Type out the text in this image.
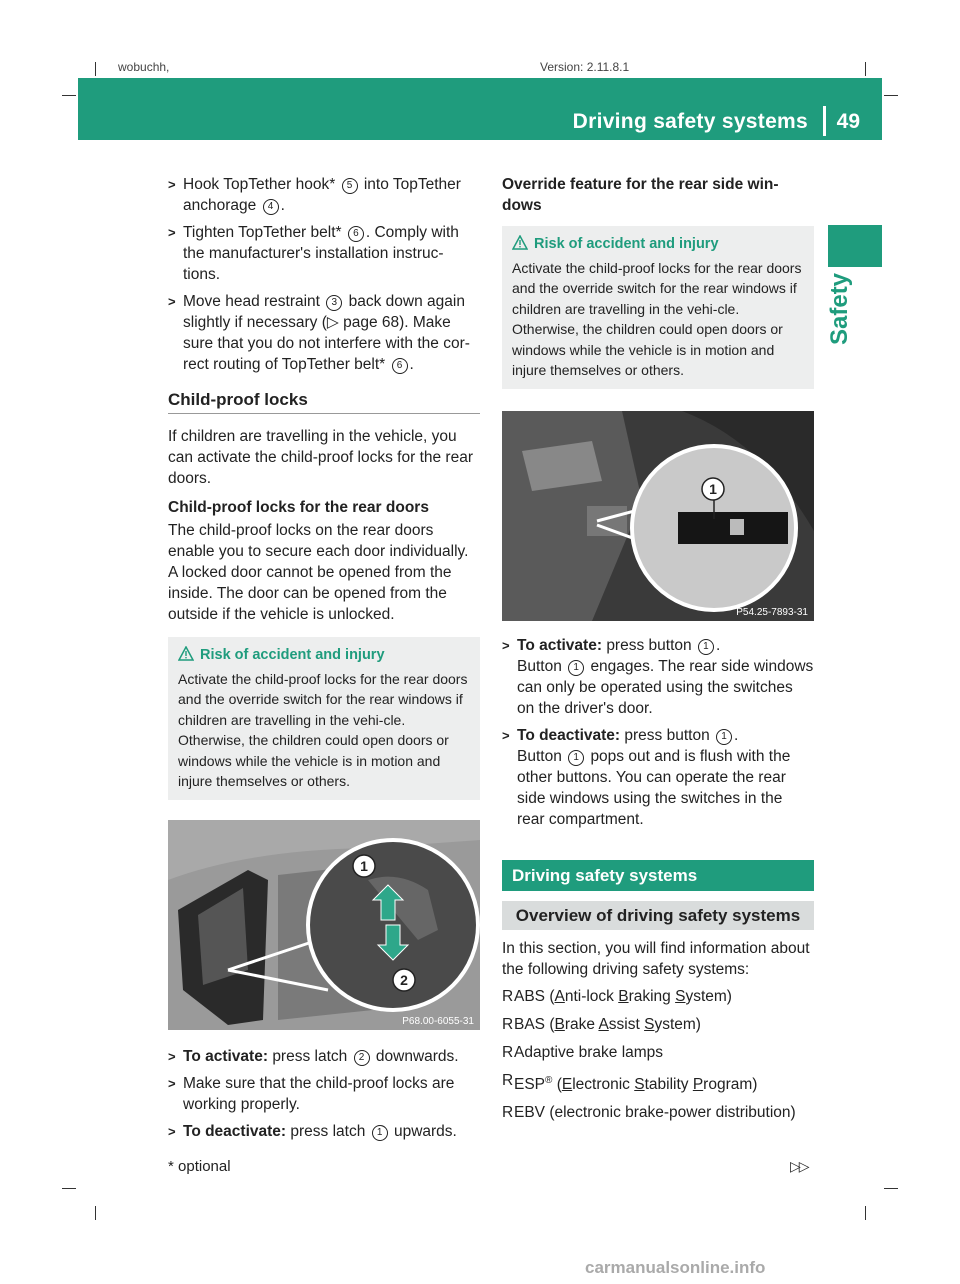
wobuchh,	Version: 2.11.8.1
Driving safety systems 49
Safety
> Hook TopTether hook* 5 into TopTether anchorage 4 .
> Tighten TopTether belt* 6 . Comply with the manufacturer's installation instruc-tions.
> Move head restraint 3 back down again slightly if necessary (▷ page 68). Make sure that you do not interfere with the cor-rect routing of TopTether belt* 6 .
Child-proof locks

If children are travelling in the vehicle, you can activate the child-proof locks for the rear doors.

Child-proof locks for the rear doors

The child-proof locks on the rear doors enable you to secure each door individually. A locked door cannot be opened from the inside. The door can be opened from the outside if the vehicle is unlocked.

Risk of accident and injury
Activate the child-proof locks for the rear doors and the override switch for the rear windows if children are travelling in the vehi-cle. Otherwise, the children could open doors or windows while the vehicle is in motion and injure themselves or others.
1
2
P68.00-6055-31
> To activate: press latch 2 downwards.
> Make sure that the child-proof locks are working properly.
> To deactivate: press latch 1 upwards.

Override feature for the rear side win-dows

Risk of accident and injury
Activate the child-proof locks for the rear doors and the override switch for the rear windows if children are travelling in the vehi-cle. Otherwise, the children could open doors or windows while the vehicle is in motion and injure themselves or others.
1
P54.25-7893-31
> To activate: press button 1 .
Button 1 engages. The rear side windows can only be operated using the switches on the driver's door.
> To deactivate: press button 1 .
Button 1 pops out and is flush with the other buttons. You can operate the rear side windows using the switches in the rear compartment.
Driving safety systems
Overview of driving safety systems

In this section, you will find information about the following driving safety systems:

R ABS (Anti-lock Braking System)
R BAS (Brake Assist System)
R Adaptive brake lamps
R ESP® (Electronic Stability Program)
R EBV (electronic brake-power distribution)
* optional	▷▷
carmanualsonline.info
